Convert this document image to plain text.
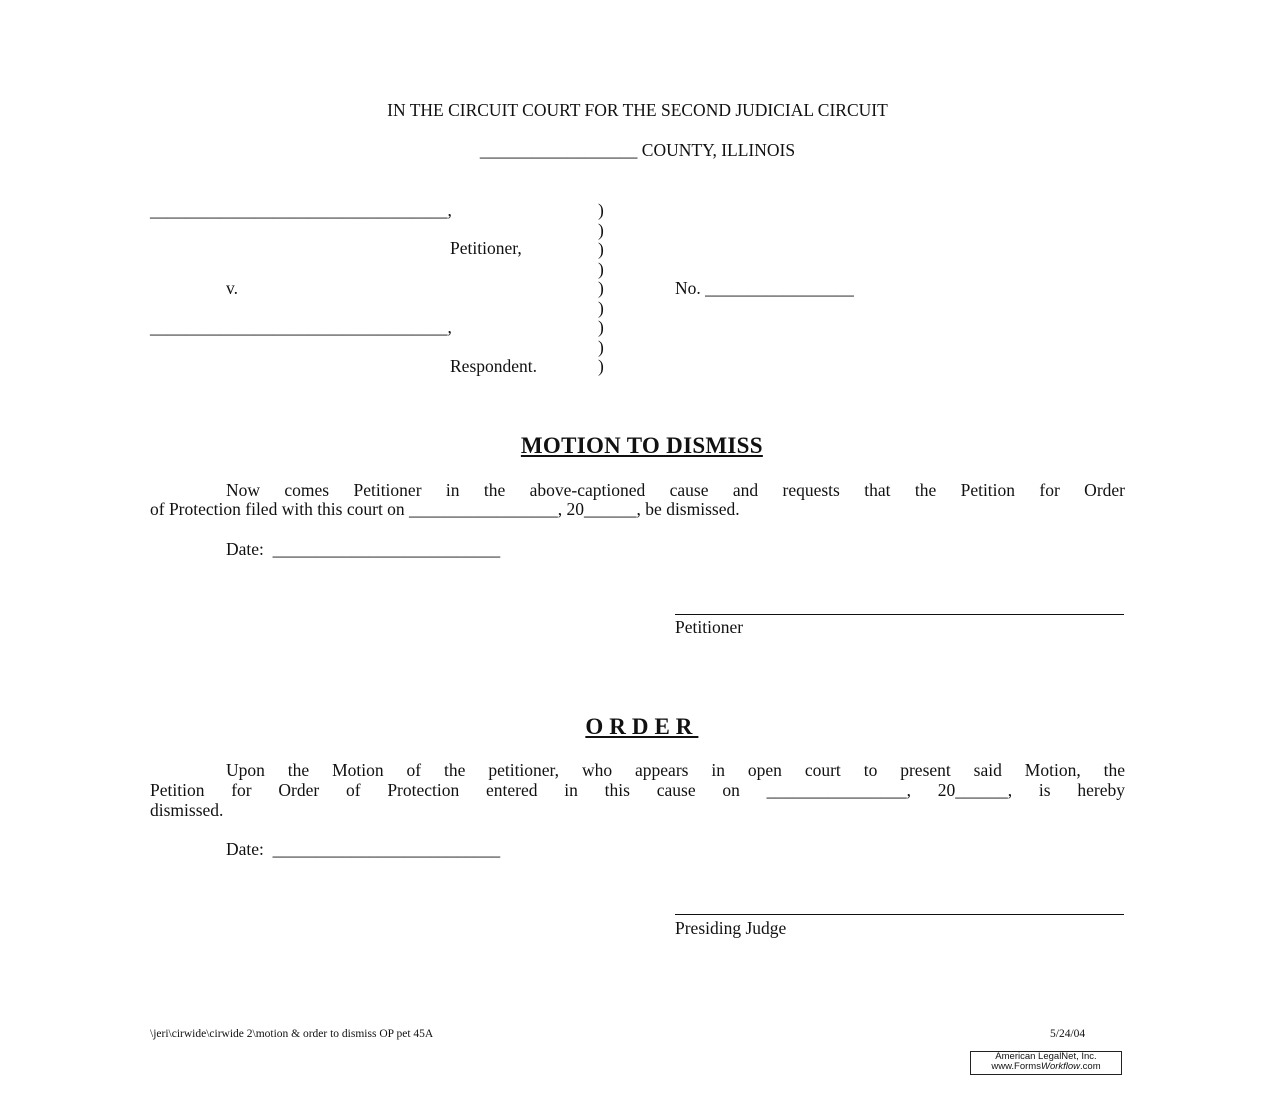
IN THE CIRCUIT COURT FOR THE SECOND JUDICIAL CIRCUIT
__________________ COUNTY, ILLINOIS
__________________________________,
Petitioner,
v.
__________________________________,
Respondent.
)
)
)
)
)
)
)
)
)
No. _________________

MOTION TO DISMISS

Now comes Petitioner in the above-captioned cause and requests that the Petition for Order
of Protection filed with this court on _________________, 20______, be dismissed.
Date:  __________________________
Petitioner

ORDER

Upon the Motion of the petitioner, who appears in open court to present said Motion, the
Petition for Order of Protection entered in this cause on ________________, 20______, is hereby
dismissed.
Date:  __________________________
Presiding Judge
\jeri\cirwide\cirwide 2\motion & order to dismiss OP pet 45A	5/24/04
American LegalNet, Inc.
www.FormsWorkflow.com
